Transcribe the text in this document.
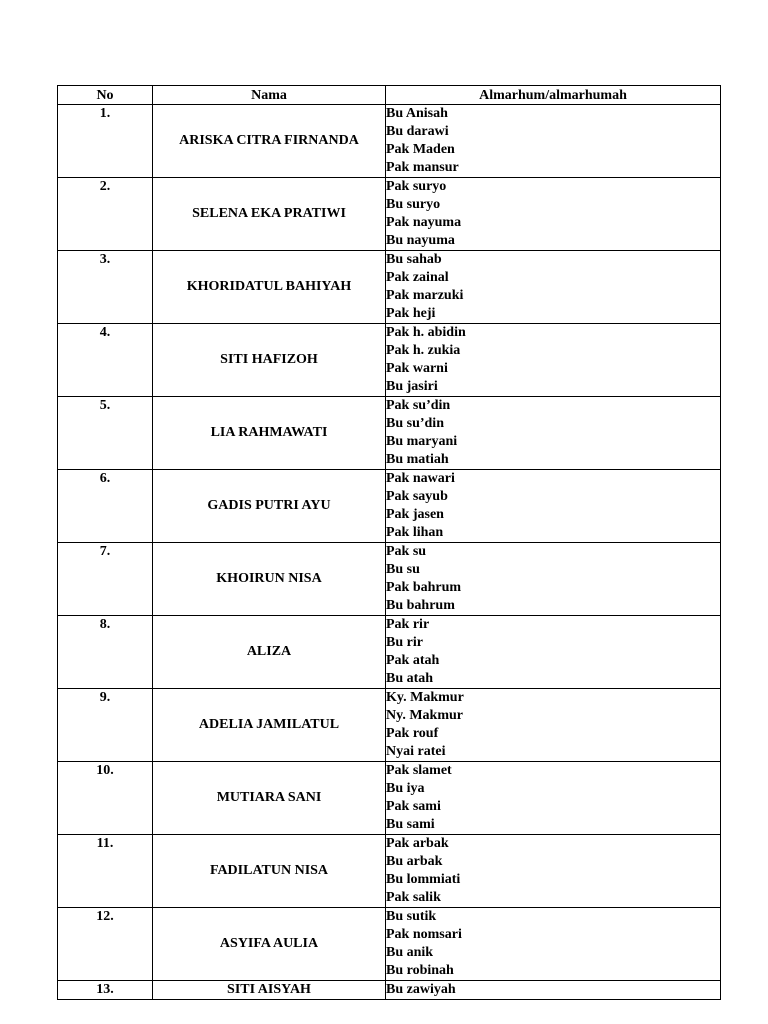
No	Nama	Almarhum/almarhumah
1.	ARISKA CITRA FIRNANDA	Bu Anisah
Bu darawi
Pak Maden
Pak mansur

2.	SELENA EKA PRATIWI	Pak suryo
Bu suryo
Pak nayuma
Bu nayuma

3.	KHORIDATUL BAHIYAH	Bu sahab
Pak zainal
Pak marzuki
Pak heji

4.	SITI HAFIZOH	Pak h. abidin
Pak h. zukia
Pak warni
Bu jasiri

5.	LIA RAHMAWATI	Pak su’din
Bu su’din
Bu maryani
Bu matiah

6.	GADIS PUTRI AYU	Pak nawari
Pak sayub
Pak jasen
Pak lihan

7.	KHOIRUN NISA	Pak su
Bu su
Pak bahrum
Bu bahrum

8.	ALIZA	Pak rir
Bu rir
Pak atah
Bu atah

9.	ADELIA JAMILATUL	Ky. Makmur
Ny. Makmur
Pak rouf
Nyai ratei

10.	MUTIARA SANI	Pak slamet
Bu iya
Pak sami
Bu sami

11.	FADILATUN NISA	Pak arbak
Bu arbak
Bu lommiati
Pak salik

12.	ASYIFA AULIA	Bu sutik
Pak nomsari
Bu anik
Bu robinah

13.	SITI AISYAH	Bu zawiyah
